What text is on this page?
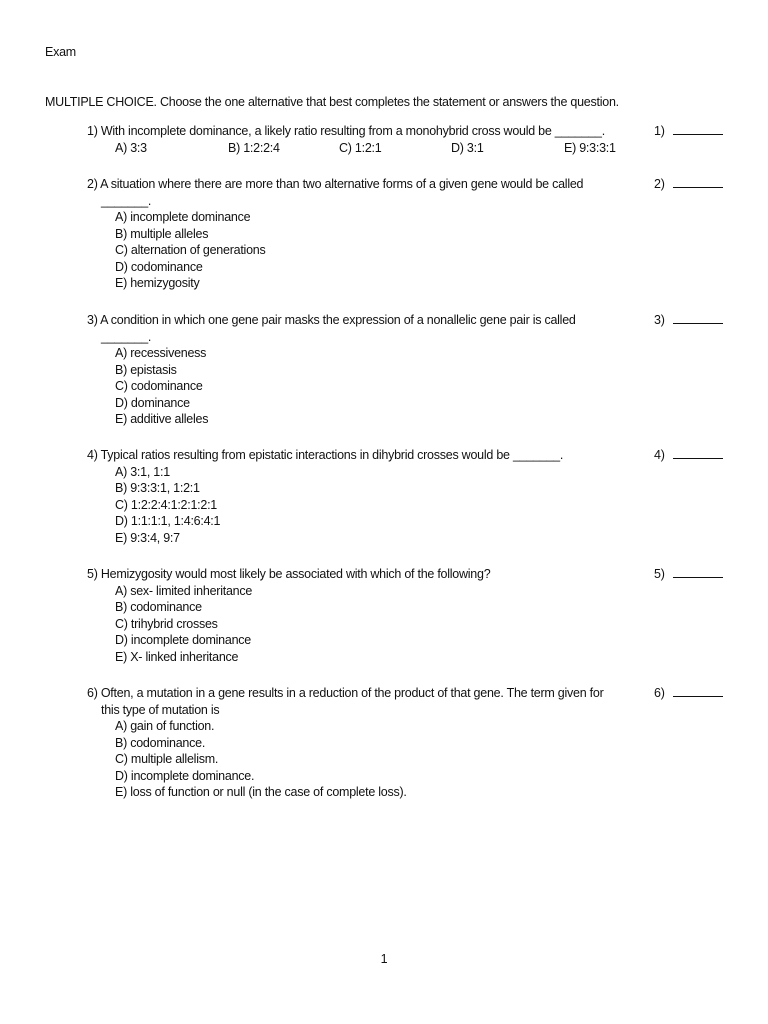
Exam
MULTIPLE CHOICE. Choose the one alternative that best completes the statement or answers the question.
1) With incomplete dominance, a likely ratio resulting from a monohybrid cross would be _______.	1)
A) 3:3	B) 1:2:2:4	C) 1:2:1	D) 3:1	E) 9:3:3:1
2) A situation where there are more than two alternative forms of a given gene would be called	2)
_______.
A) incomplete dominance
B) multiple alleles
C) alternation of generations
D) codominance
E) hemizygosity
3) A condition in which one gene pair masks the expression of a nonallelic gene pair is called	3)
_______.
A) recessiveness
B) epistasis
C) codominance
D) dominance
E) additive alleles
4) Typical ratios resulting from epistatic interactions in dihybrid crosses would be _______.	4)
A) 3:1, 1:1
B) 9:3:3:1, 1:2:1
C) 1:2:2:4:1:2:1:2:1
D) 1:1:1:1, 1:4:6:4:1
E) 9:3:4, 9:7
5) Hemizygosity would most likely be associated with which of the following?	5)
A) sex- limited inheritance
B) codominance
C) trihybrid crosses
D) incomplete dominance
E) X- linked inheritance
6) Often, a mutation in a gene results in a reduction of the product of that gene. The term given for	6)
this type of mutation is
A) gain of function.
B) codominance.
C) multiple allelism.
D) incomplete dominance.
E) loss of function or null (in the case of complete loss).
1
